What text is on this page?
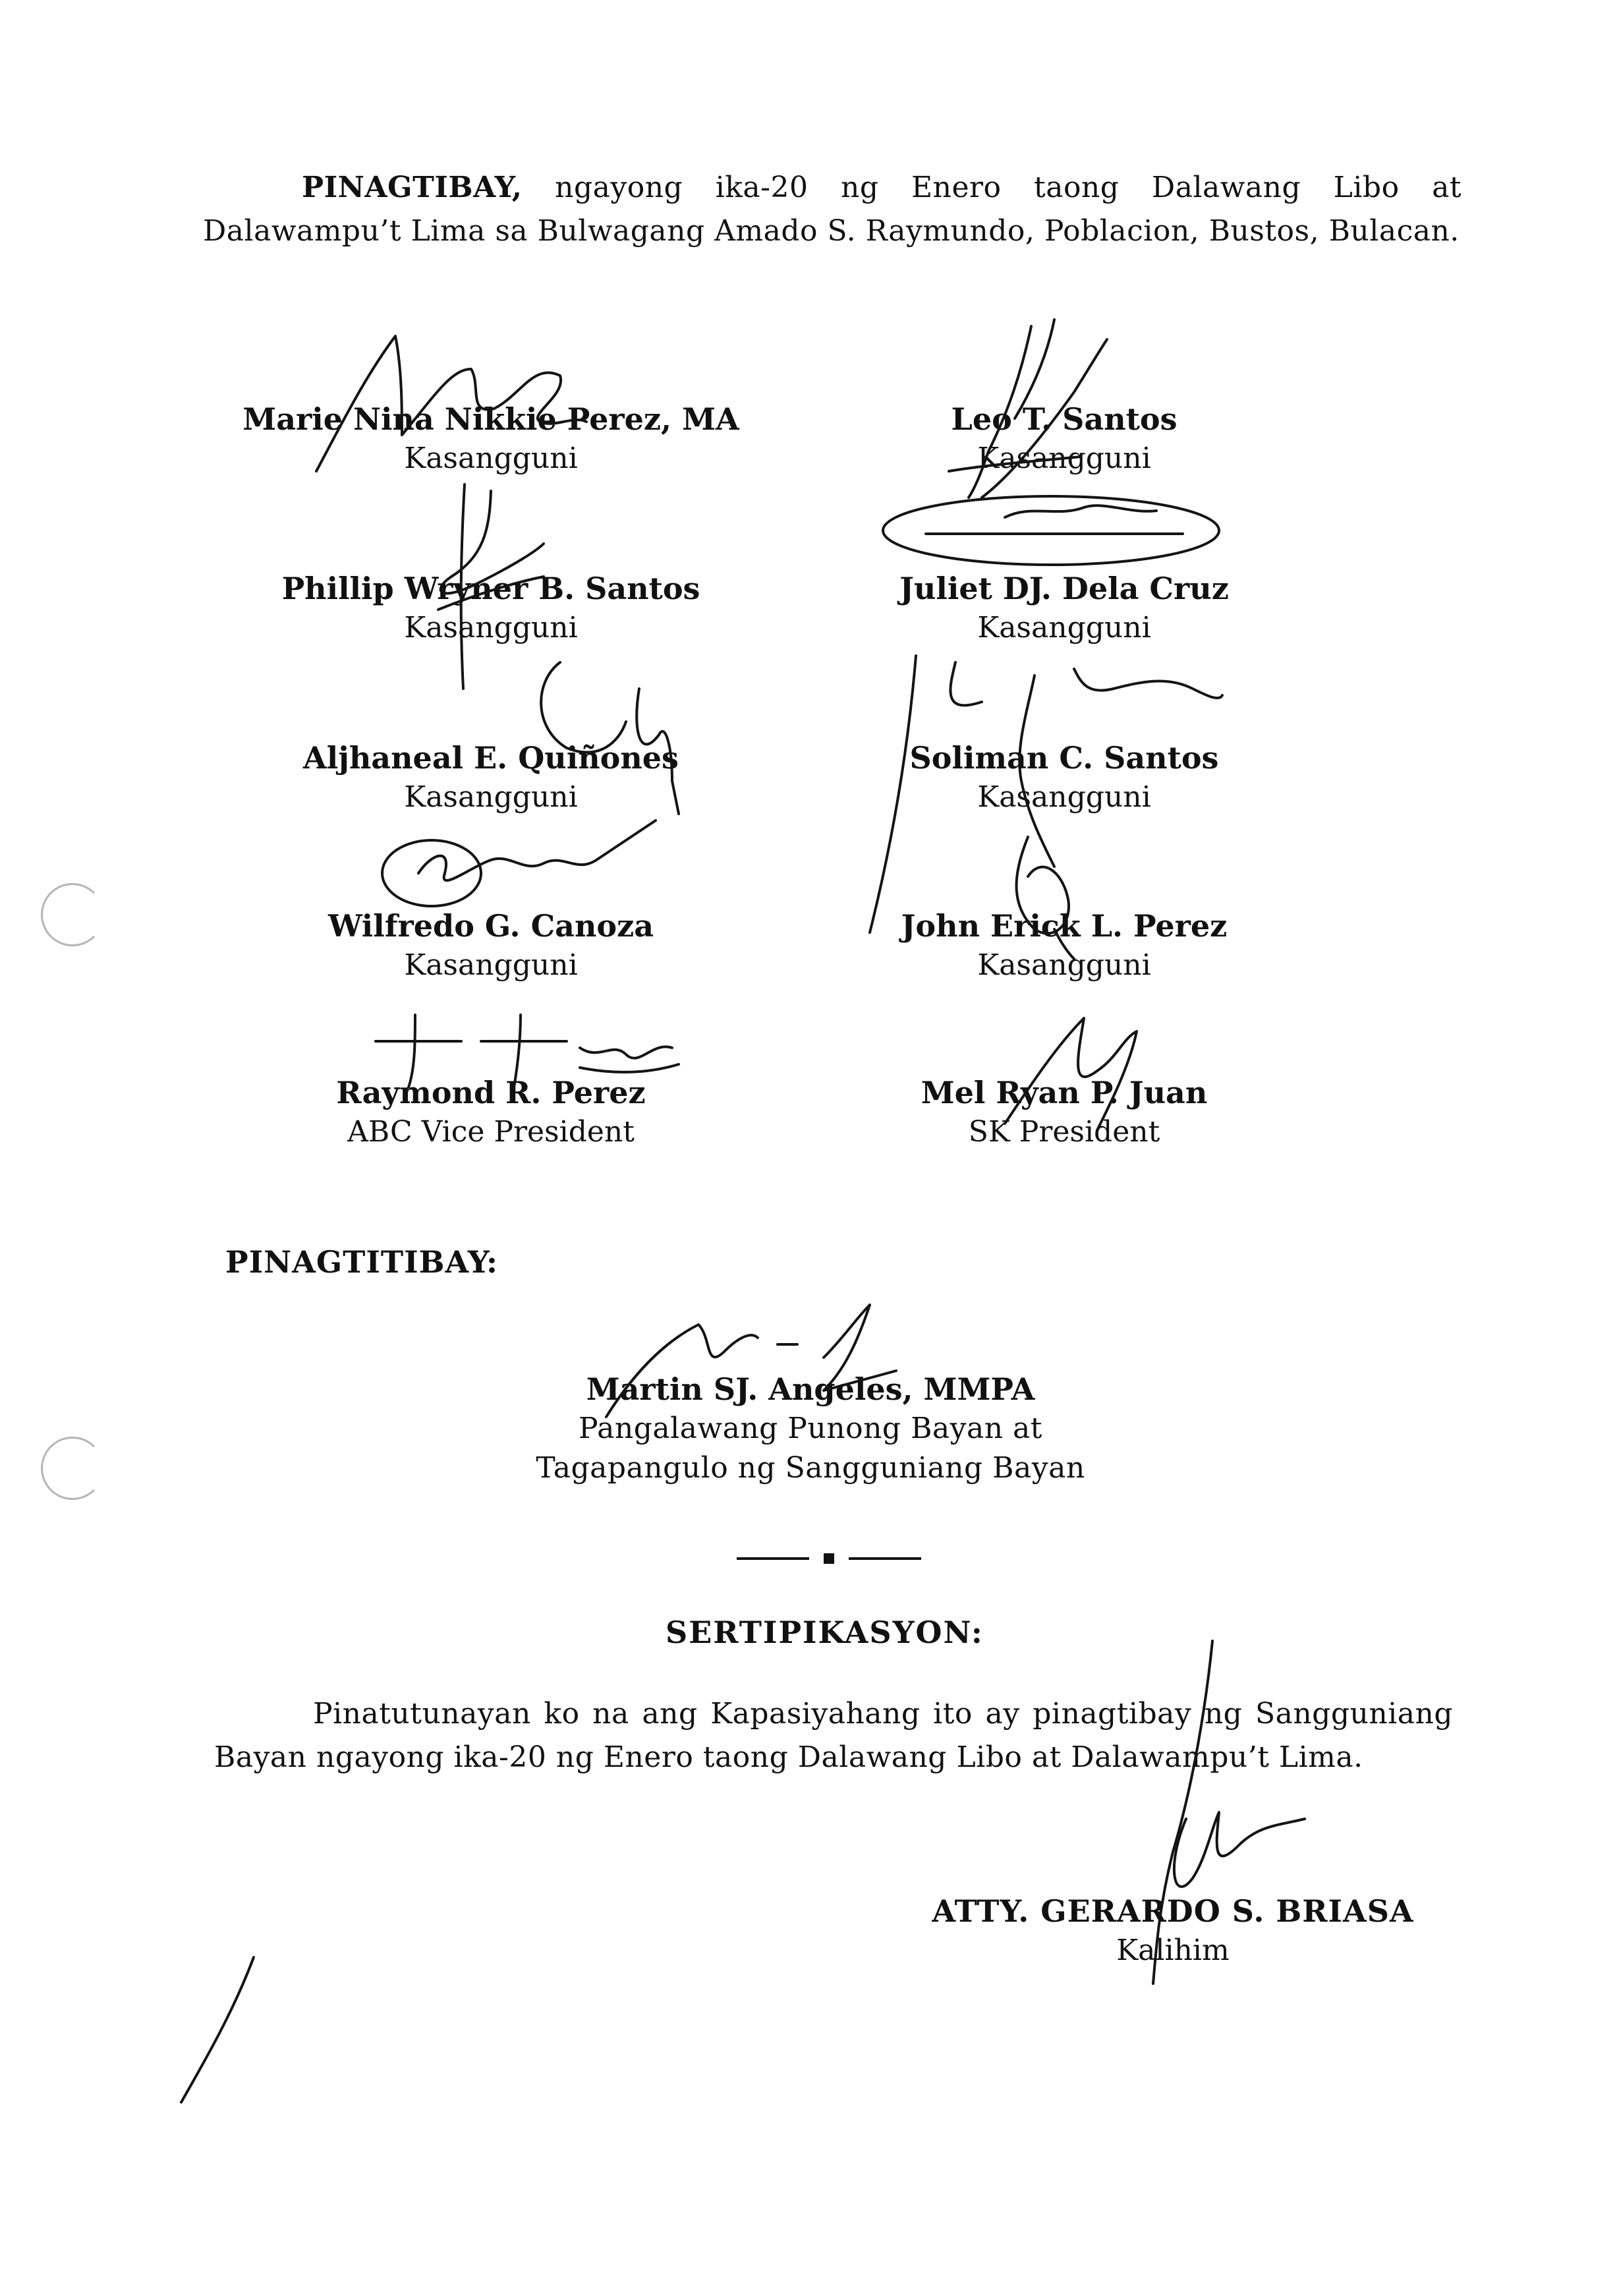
PINAGTIBAY, ngayong ika-20 ng Enero taong Dalawang Libo at Dalawampu’t Lima sa Bulwagang Amado S. Raymundo, Poblacion, Bustos, Bulacan.

Marie Nina Nikkie Perez, MA
Kasangguni
Leo T. Santos
Kasangguni
Phillip Wryner B. Santos
Kasangguni
Juliet DJ. Dela Cruz
Kasangguni
Aljhaneal E. Quiñones
Kasangguni
Soliman C. Santos
Kasangguni
Wilfredo G. Canoza
Kasangguni
John Erick L. Perez
Kasangguni
Raymond R. Perez
ABC Vice President
Mel Ryan P. Juan
SK President
PINAGTITIBAY:
Martin SJ. Angeles, MMPA
Pangalawang Punong Bayan at
Tagapangulo ng Sangguniang Bayan
SERTIPIKASYON:

Pinatutunayan ko na ang Kapasiyahang ito ay pinagtibay ng Sangguniang Bayan ngayong ika-20 ng Enero taong Dalawang Libo at Dalawampu’t Lima.

ATTY. GERARDO S. BRIASA
Kalihim
